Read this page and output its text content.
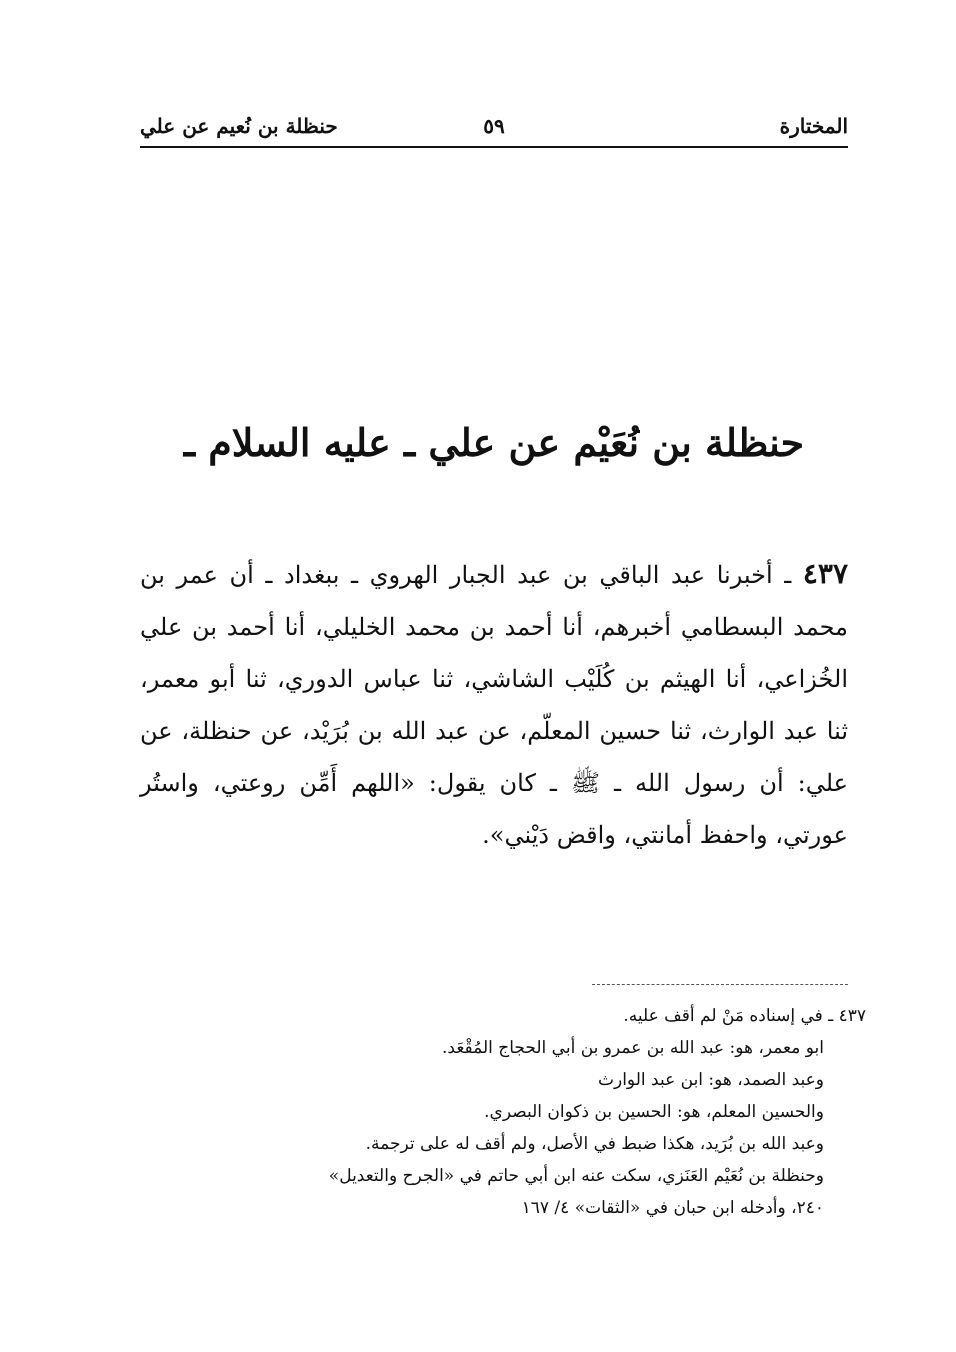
المختارة
٥٩
حنظلة بن نُعيم عن علي
حنظلة بن نُعَيْم عن علي ـ عليه السلام ـ

٤٣٧ ـ أخبرنا عبد الباقي بن عبد الجبار الهروي ـ ببغداد ـ أن عمر بن محمد البسطامي أخبرهم، أنا أحمد بن محمد الخليلي، أنا أحمد بن علي الخُزاعي، أنا الهيثم بن كُلَيْب الشاشي، ثنا عباس الدوري، ثنا أبو معمر، ثنا عبد الوارث، ثنا حسين المعلّم، عن عبد الله بن بُرَيْد، عن حنظلة، عن علي: أن رسول الله ـ ﷺ ـ كان يقول: «اللهم أَمِّن روعتي، واستُر عورتي، واحفظ أمانتي، واقض دَيْني».

٤٣٧ ـ في إسناده مَنْ لم أقف عليه.

ابو معمر، هو: عبد الله بن عمرو بن أبي الحجاج المُقْعَد.
وعبد الصمد، هو: ابن عبد الوارث
والحسين المعلم، هو: الحسين بن ذكوان البصري.
وعبد الله بن بُرَيد، هكذا ضبط في الأصل، ولم أقف له على ترجمة.
وحنظلة بن نُعَيْم العَنَزي، سكت عنه ابن أبي حاتم في «الجرح والتعديل»
٢٤٠، وأدخله ابن حبان في «الثقات» ٤/ ١٦٧
